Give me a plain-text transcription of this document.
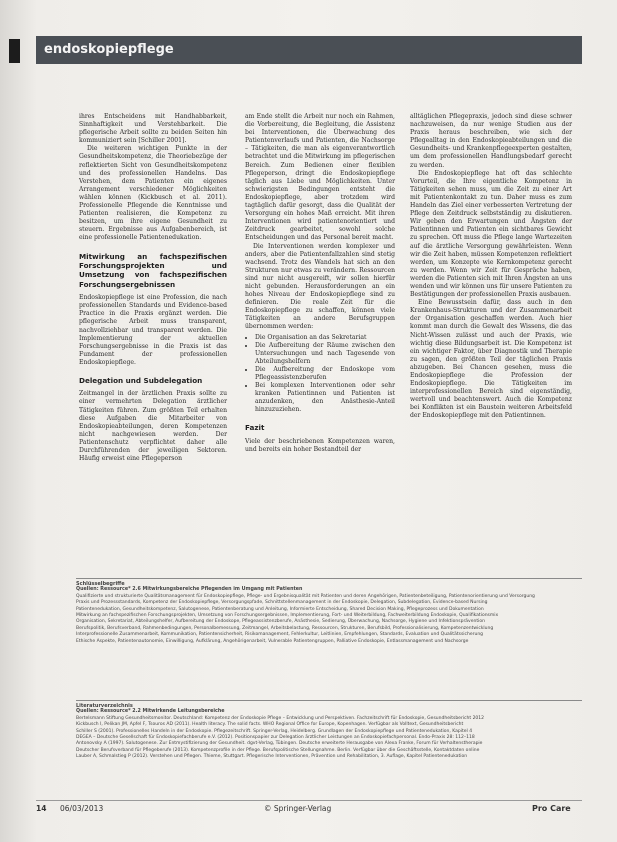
endoskopiepflege

ihres Entscheidens mit Handhabbarkeit, Sinnhaftigkeit und Verstehbarkeit. Die pflegerische Arbeit sollte zu beiden Seiten hin kommuniziert sein [Schiller 2001].

Die weiteren wichtigen Punkte in der Gesundheitskompetenz, die Theoriebezüge der reflektierten Sicht von Gesundheitskompetenz und des professionellen Handelns. Das Verstehen, dem Patienten ein eigenes Arrangement verschiedener Möglichkeiten wählen können (Kickbusch et al. 2011). Professionelle Pflegende die Kenntnisse und Patienten realisieren, die Kompetenz zu besitzen, um ihre eigene Gesundheit zu steuern. Ergebnisse aus Aufgabenbereich, ist eine professionelle Patientenedukation.

Mitwirkung an fachspezifischen Forschungsprojekten und Umsetzung von fachspezifischen Forschungsergebnissen

Endoskopiepflege ist eine Profession, die nach professionellen Standards und Evidence-based Practice in die Praxis ergänzt werden. Die pflegerische Arbeit muss transparent, nachvollziehbar und transparent werden. Die Implementierung der aktuellen Forschungsergebnisse in die Praxis ist das Fundament der professionellen Endoskopiepflege.

Delegation und Subdelegation

Zeitmangel in der ärztlichen Praxis sollte zu einer vermehrten Delegation ärztlicher Tätigkeiten führen. Zum größten Teil erhalten diese Aufgaben die Mitarbeiter von Endoskopieabteilungen, deren Kompetenzen nicht nachgewiesen werden. Der Patientenschutz verpflichtet daher alle Durchführenden der jeweiligen Sektoren. Häufig erweist eine Pflegeperson

am Ende stellt die Arbeit nur noch ein Rahmen, die Vorbereitung, die Begleitung, die Assistenz bei Interventionen, die Überwachung des Patientenverlaufs und Patienten, die Nachsorge – Tätigkeiten, die man als eigenverantwortlich betrachtet und die Mitwirkung im pflegerischen Bereich. Zum Bedienen einer flexiblen Pflegeperson, dringt die Endoskopiepflege täglich aus Liebe und Möglichkeiten. Unter schwierigsten Bedingungen entsteht die Endoskopiepflege, aber trotzdem wird tagtäglich dafür gesorgt, dass die Qualität der Versorgung ein hohes Maß erreicht. Mit ihren Interventionen wird patientenorientiert und Zeitdruck gearbeitet, sowohl solche Entscheidungen und das Personal bereit macht.

Die Interventionen werden komplexer und anders, aber die Patientenfallzahlen sind stetig wachsend. Trotz des Wandels hat sich an den Strukturen nur etwas zu verändern. Ressourcen sind nur nicht ausgereift, wir sollen hierfür nicht gebunden. Herausforderungen an ein hohes Niveau der Endoskopiepflege sind zu definieren. Die reale Zeit für die Endoskopiepflege zu schaffen, können viele Tätigkeiten an andere Berufsgruppen übernommen werden:

• Die Organisation an das Sekretariat
• Die Aufbereitung der Räume zwischen den Untersuchungen und nach Tagesende von Abteilungshelfern
• Die Aufbereitung der Endoskope vom Pflegeassistenzberufen
• Bei komplexen Interventionen oder sehr kranken Patientinnen und Patienten ist anzudenken, den Anästhesie-Anteil hinzuzuziehen.
Fazit

Viele der beschriebenen Kompetenzen waren, und bereits ein hoher Bestandteil der

alltäglichen Pflegepraxis, jedoch sind diese schwer nachzuweisen, da nur wenige Studien aus der Praxis heraus beschreiben, wie sich der Pflegealltag in den Endoskopieabteilungen und die Gesundheits- und Krankenpflegeexperten gestalten, um dem professionellen Handlungsbedarf gerecht zu werden.

Die Endoskopiepflege hat oft das schlechte Vorurteil, die Ihre eigentliche Kompetenz in Tätigkeiten sehen muss, um die Zeit zu einer Art mit Patientenkontakt zu tun. Daher muss es zum Handeln das Ziel einer verbesserten Vertretung der Pflege den Zeitdruck selbstständig zu diskutieren. Wir geben den Erwartungen und Ängsten der Patientinnen und Patienten ein sichtbares Gewicht zu sprechen. Oft muss die Pflege lange Wartezeiten auf die ärztliche Versorgung gewährleisten. Wenn wir die Zeit haben, müssen Kompetenzen reflektiert werden, um Konzepte wie Kernkompetenz gerecht zu werden. Wenn wir Zeit für Gespräche haben, werden die Patienten sich mit Ihren Ängsten an uns wenden und wir können uns für unsere Patienten zu Bestätigungen der professionellen Praxis ausbauen.

Eine Bewusstsein dafür, dass auch in den Krankenhaus-Strukturen und der Zusammenarbeit der Organisation geschaffen werden. Auch hier kommt man durch die Gewalt des Wissens, die das Nicht-Wissen zulässt und auch der Praxis, wie wichtig diese Bildungsarbeit ist. Die Kompetenz ist ein wichtiger Faktor, über Diagnostik und Therapie zu sagen, den größten Teil der täglichen Praxis abzugeben. Bei Chancen gesehen, muss die Endoskopiepflege die Profession der Endoskopiepflege. Die Tätigkeiten im interprofessionellen Bereich sind eigenständig, wertvoll und beachtenswert. Auch die Kompetenz bei Konflikten ist ein Baustein weiteren Arbeitsfeld der Endoskopiepflege mit den Patientinnen.

Schlüsselbegriffe
Quellen: Ressource* 2.6 Mitwirkungsbereiche Pflegenden im Umgang mit Patienten
Qualifizierte und strukturierte Qualitätsmanagement für Endoskopiepflege, Pflege- und Ergebnisqualität mit Patienten und deren Angehörigen, Patientenbeteiligung, Patientenorientierung und Versorgung
Praxis und Prozessstandards, Kompetenz der Endoskopiepflege, Versorgungspfade, Schnittstellenmanagement in der Endoskopie, Delegation, Subdelegation, Evidence-based Nursing
Patientenedukation, Gesundheitskompetenz, Salutogenese, Patientenberatung und Anleitung, Informierte Entscheidung, Shared Decision Making, Pflegeprozess und Dokumentation
Mitwirkung an fachspezifischen Forschungsprojekten, Umsetzung von Forschungsergebnissen, Implementierung, Fort- und Weiterbildung, Fachweiterbildung Endoskopie, Qualifikationsmix
Organisation, Sekretariat, Abteilungshelfer, Aufbereitung der Endoskope, Pflegeassistenzberufe, Anästhesie, Sedierung, Überwachung, Nachsorge, Hygiene und Infektionsprävention
Berufspolitik, Berufsverband, Rahmenbedingungen, Personalbemessung, Zeitmangel, Arbeitsbelastung, Ressourcen, Strukturen, Berufsbild, Professionalisierung, Kompetenzentwicklung
Interprofessionelle Zusammenarbeit, Kommunikation, Patientensicherheit, Risikomanagement, Fehlerkultur, Leitlinien, Empfehlungen, Standards, Evaluation und Qualitätssicherung
Ethische Aspekte, Patientenautonomie, Einwilligung, Aufklärung, Angehörigenarbeit, Vulnerable Patientengruppen, Palliative Endoskopie, Entlassmanagement und Nachsorge
Literaturverzeichnis
Quellen: Ressource* 2.2 Mitwirkende Leitungsbereiche
Bertelsmann Stiftung Gesundheitsmonitor. Deutschland: Kompetenz der Endoskopie Pflege – Entwicklung und Perspektiven. Fachzeitschrift für Endoskopie, Gesundheitsbericht 2012
Kickbusch I, Pelikan JM, Apfel F, Tsouros AD (2011). Health literacy. The solid facts. WHO Regional Office for Europe, Kopenhagen. Verfügbar als Volltext, Gesundheitsbericht
Schiller S (2001). Professionelles Handeln in der Endoskopie. Pflegezeitschrift. Springer-Verlag, Heidelberg. Grundlagen der Endoskopiepflege und Patientenedukation, Kapitel 4
DEGEA – Deutsche Gesellschaft für Endoskopiefachberufe e.V. (2012). Positionspapier zur Delegation ärztlicher Leistungen an Endoskopiefachpersonal. Endo-Praxis 28: 112–118
Antonovsky A (1997). Salutogenese. Zur Entmystifizierung der Gesundheit. dgvt-Verlag, Tübingen. Deutsche erweiterte Herausgabe von Alexa Franke, Forum für Verhaltenstherapie
Deutscher Berufsverband für Pflegeberufe (2013). Kompetenzprofile in der Pflege. Berufspolitische Stellungnahme. Berlin. Verfügbar über die Geschäftsstelle, Kontaktdaten online
Lauber A, Schmalstieg P (2012). Verstehen und Pflegen. Thieme, Stuttgart. Pflegerische Interventionen, Prävention und Rehabilitation, 3. Auflage, Kapitel Patientenedukation
14 06/03/2013	© Springer-Verlag	Pro Care
